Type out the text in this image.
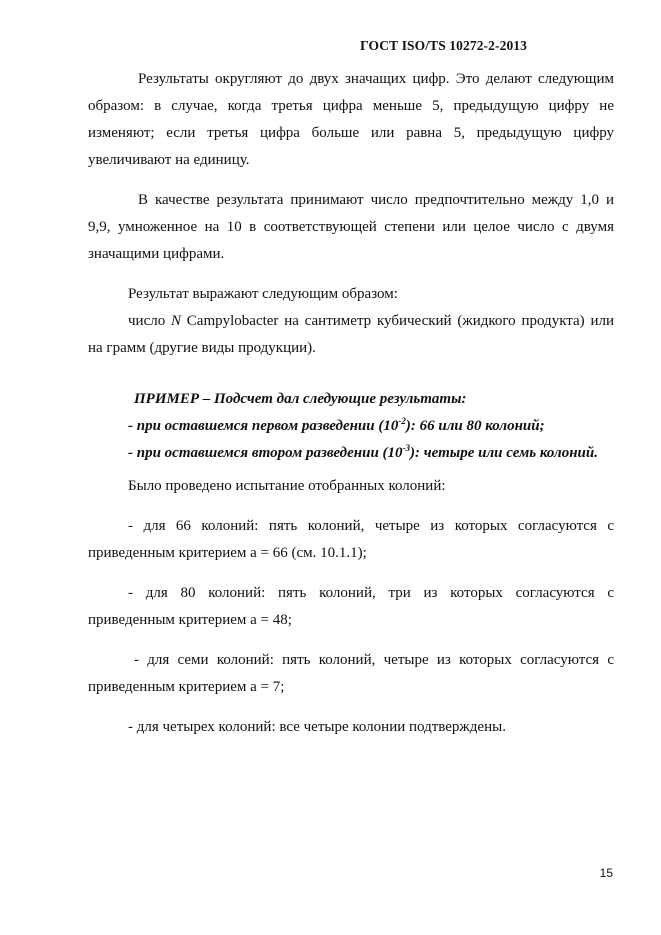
ГОСТ ISO/TS 10272-2-2013

Результаты округляют до двух значащих цифр. Это делают следующим образом: в случае, когда третья цифра меньше 5, предыдущую цифру не изменяют; если третья цифра больше или равна 5, предыдущую цифру увеличивают на единицу.

В качестве результата принимают число предпочтительно между 1,0 и 9,9, умноженное на 10 в соответствующей степени или целое число с двумя значащими цифрами.

Результат выражают следующим образом:

число N Campylobacter на сантиметр кубический (жидкого продукта) или на грамм (другие виды продукции).

ПРИМЕР – Подсчет дал следующие результаты:

- при оставшемся первом разведении $(10^{-2})$: 66 или 80 колоний;

- при оставшемся втором разведении $(10^{-3})$: четыре или семь колоний.

Было проведено испытание отобранных колоний:

- для 66 колоний: пять колоний, четыре из которых согласуются с приведенным критерием a = 66 (см. 10.1.1);

- для 80 колоний: пять колоний, три из которых согласуются с приведенным критерием a = 48;

- для семи колоний: пять колоний, четыре из которых согласуются с приведенным критерием a = 7;

- для четырех колоний: все четыре колонии подтверждены.

15
